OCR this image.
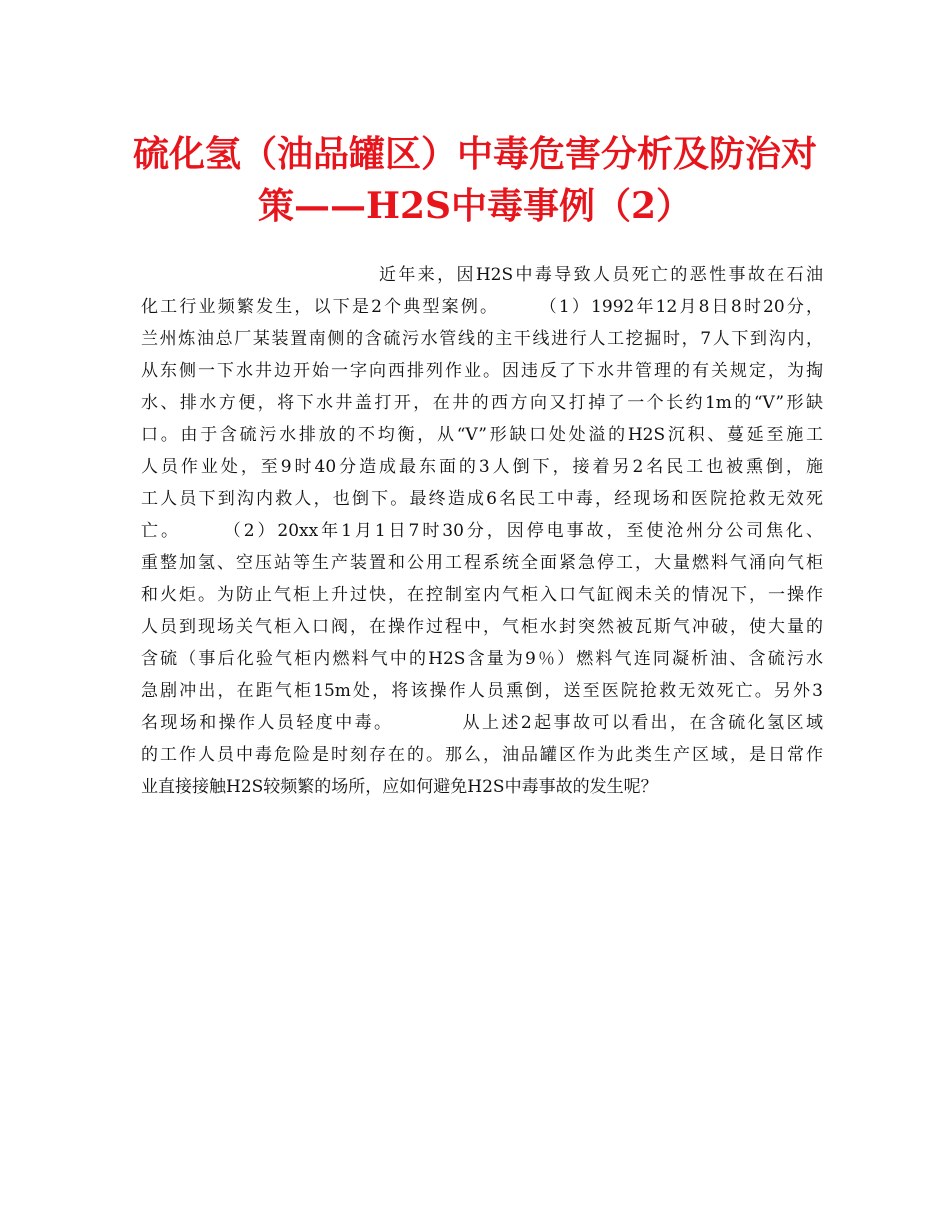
硫化氢（油品罐区）中毒危害分析及防治对
策——H2S中毒事例（2）
近年来，因H2S中毒导致人员死亡的恶性事故在石油
化工行业频繁发生，以下是2个典型案例。　　　（1）1992年12月8日8时20分，
兰州炼油总厂某装置南侧的含硫污水管线的主干线进行人工挖掘时，7人下到沟内，
从东侧一下水井边开始一字向西排列作业。因违反了下水井管理的有关规定，为掏
水、排水方便，将下水井盖打开，在井的西方向又打掉了一个长约1m的“V”形缺
口。由于含硫污水排放的不均衡，从“V”形缺口处处溢的H2S沉积、蔓延至施工
人员作业处，至9时40分造成最东面的3人倒下，接着另2名民工也被熏倒，施
工人员下到沟内救人，也倒下。最终造成6名民工中毒，经现场和医院抢救无效死
亡。　　　（2）20xx年1月1日7时30分，因停电事故，至使沧州分公司焦化、
重整加氢、空压站等生产装置和公用工程系统全面紧急停工，大量燃料气涌向气柜
和火炬。为防止气柜上升过快，在控制室内气柜入口气缸阀未关的情况下，一操作
人员到现场关气柜入口阀，在操作过程中，气柜水封突然被瓦斯气冲破，使大量的
含硫（事后化验气柜内燃料气中的H2S含量为9％）燃料气连同凝析油、含硫污水
急剧冲出，在距气柜15m处，将该操作人员熏倒，送至医院抢救无效死亡。另外3
名现场和操作人员轻度中毒。　　　　从上述2起事故可以看出，在含硫化氢区域
的工作人员中毒危险是时刻存在的。那么，油品罐区作为此类生产区域，是日常作
业直接接触H2S较频繁的场所，应如何避免H2S中毒事故的发生呢？
